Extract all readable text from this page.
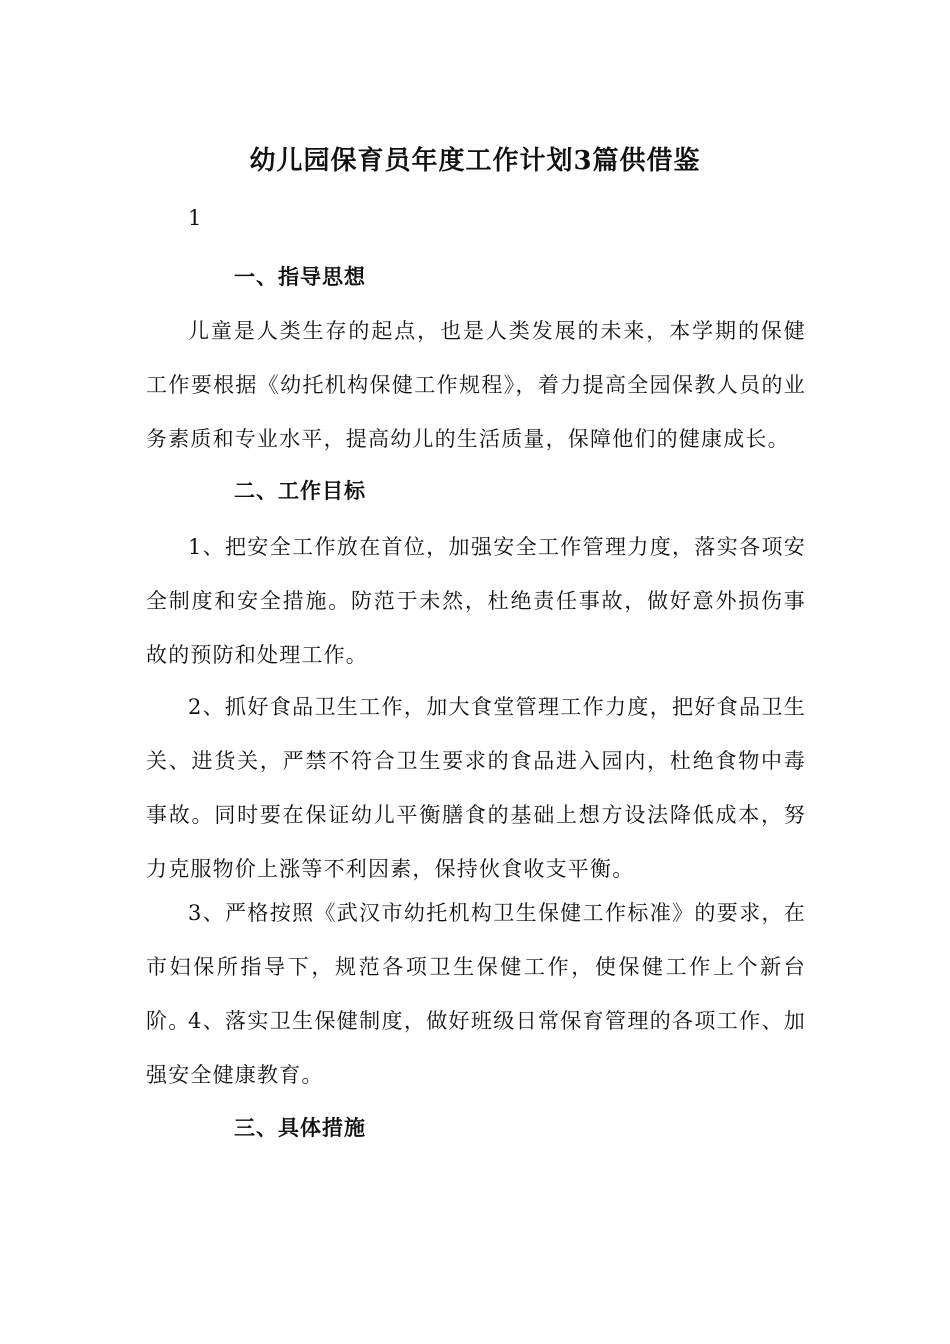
幼儿园保育员年度工作计划3篇供借鉴
1
一、指导思想
儿童是人类生存的起点，也是人类发展的未来，本学期的保健工作要根据《幼托机构保健工作规程》，着力提高全园保教人员的业务素质和专业水平，提高幼儿的生活质量，保障他们的健康成长。
二、工作目标
1、把安全工作放在首位，加强安全工作管理力度，落实各项安全制度和安全措施。防范于未然，杜绝责任事故，做好意外损伤事故的预防和处理工作。
2、抓好食品卫生工作，加大食堂管理工作力度，把好食品卫生关、进货关，严禁不符合卫生要求的食品进入园内，杜绝食物中毒事故。同时要在保证幼儿平衡膳食的基础上想方设法降低成本，努力克服物价上涨等不利因素，保持伙食收支平衡。
3、严格按照《武汉市幼托机构卫生保健工作标准》的要求，在市妇保所指导下，规范各项卫生保健工作，使保健工作上个新台阶。
4、落实卫生保健制度，做好班级日常保育管理的各项工作、加强安全健康教育。
三、具体措施
